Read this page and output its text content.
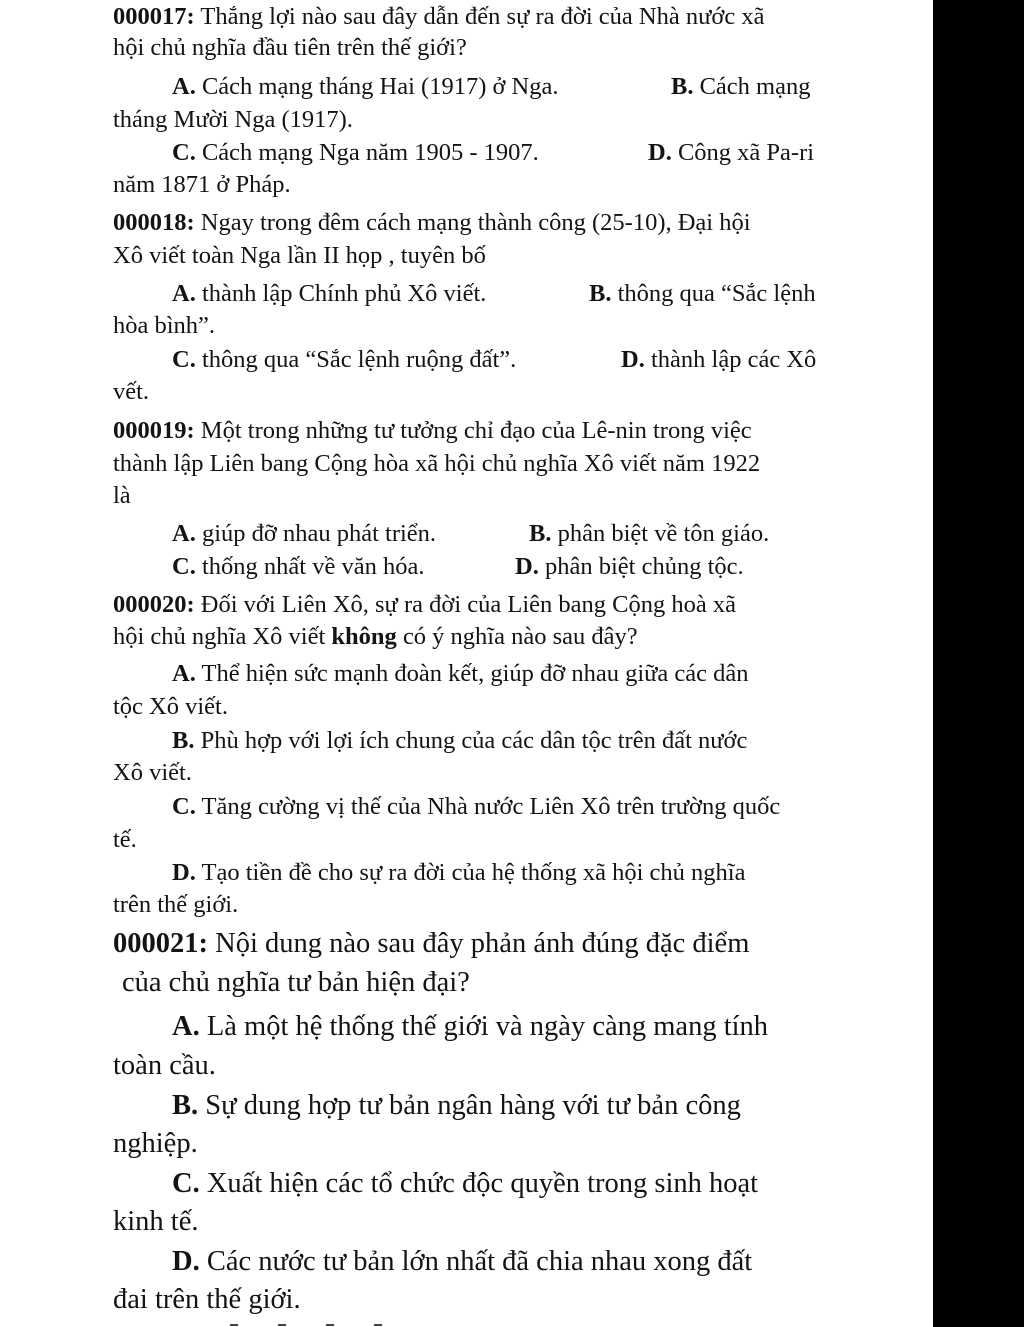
000017: Thắng lợi nào sau đây dẫn đến sự ra đời của Nhà nước xã
hội chủ nghĩa đầu tiên trên thế giới?
A. Cách mạng tháng Hai (1917) ở Nga.	B. Cách mạng
tháng Mười Nga (1917).
C. Cách mạng Nga năm 1905 - 1907.	D. Công xã Pa-ri
năm 1871 ở Pháp.
000018: Ngay trong đêm cách mạng thành công (25-10), Đại hội
Xô viết toàn Nga lần II họp , tuyên bố
A. thành lập Chính phủ Xô viết.	B. thông qua “Sắc lệnh
hòa bình”.
C. thông qua “Sắc lệnh ruộng đất”.	D. thành lập các Xô
vết.
000019: Một trong những tư tưởng chỉ đạo của Lê-nin trong việc
thành lập Liên bang Cộng hòa xã hội chủ nghĩa Xô viết năm 1922
là
A. giúp đỡ nhau phát triển.	B. phân biệt về tôn giáo.
C. thống nhất về văn hóa.	D. phân biệt chủng tộc.
000020: Đối với Liên Xô, sự ra đời của Liên bang Cộng hoà xã
hội chủ nghĩa Xô viết không có ý nghĩa nào sau đây?
A. Thể hiện sức mạnh đoàn kết, giúp đỡ nhau giữa các dân
tộc Xô viết.
B. Phù hợp với lợi ích chung của các dân tộc trên đất nước
Xô viết.
C. Tăng cường vị thế của Nhà nước Liên Xô trên trường quốc
tế.
D. Tạo tiền đề cho sự ra đời của hệ thống xã hội chủ nghĩa
trên thế giới.
000021: Nội dung nào sau đây phản ánh đúng đặc điểm
của chủ nghĩa tư bản hiện đại?
A. Là một hệ thống thế giới và ngày càng mang tính
toàn cầu.
B. Sự dung hợp tư bản ngân hàng với tư bản công
nghiệp.
C. Xuất hiện các tổ chức độc quyền trong sinh hoạt
kinh tế.
D. Các nước tư bản lớn nhất đã chia nhau xong đất
đai trên thế giới.
